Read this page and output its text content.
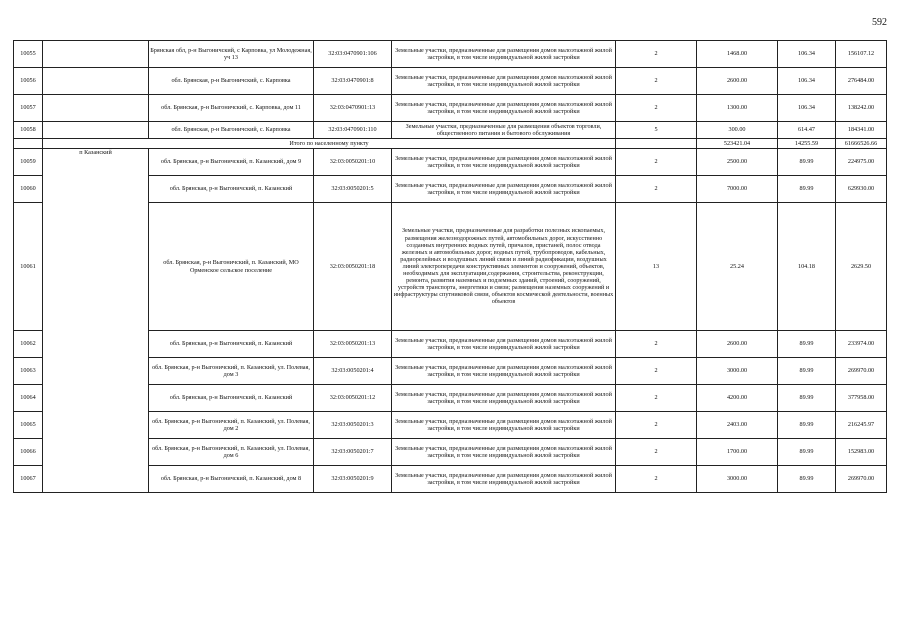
592
10055		Брянская обл, р-н Выгоничский, с Карповка, ул Молодежная, уч 13	32:03:0470901:106	Земельные участки, предназначенные для размещения домов малоэтажной жилой застройки, в том числе индивидуальной жилой застройки	2	1468.00	106.34	156107.12
10056		обл. Брянская, р-н Выгоничский, с. Карповка	32:03:0470901:8	Земельные участки, предназначенные для размещения домов малоэтажной жилой застройки, в том числе индивидуальной жилой застройки	2	2600.00	106.34	276484.00
10057		обл. Брянская, р-н Выгоничский, с. Карповка, дом 11	32:03:0470901:13	Земельные участки, предназначенные для размещения домов малоэтажной жилой застройки, в том числе индивидуальной жилой застройки	2	1300.00	106.34	138242.00
10058		обл. Брянская, р-н Выгоничский, с. Карповка	32:03:0470901:110	Земельные участки, предназначенные для размещения объектов торговли, общественного питания и бытового обслуживания	5	300.00	614.47	184341.00
	Итого по населенному пункту					523421.04	14255.59	61666526.66
10059	п Казанский	обл. Брянская, р-н Выгоничский, п. Казанский, дом 9	32:03:0050201:10	Земельные участки, предназначенные для размещения домов малоэтажной жилой застройки, в том числе индивидуальной жилой застройки	2	2500.00	89.99	224975.00
10060		обл. Брянская, р-н Выгоничский, п. Казанский	32:03:0050201:5	Земельные участки, предназначенные для размещения домов малоэтажной жилой застройки, в том числе индивидуальной жилой застройки	2	7000.00	89.99	629930.00
10061		обл. Брянская, р-н Выгоничский, п. Казанский, МО Орменское сельское поселение	32:03:0050201:18	Земельные участки, предназначенные для разработки полезных ископаемых, размещения железнодорожных путей, автомобильных дорог, искусственно созданных внутренних водных путей, причалов, пристаней, полос отвода железных и автомобильных дорог, водных путей, трубопроводов, кабельных, радиорелейных и воздушных линий связи и линий радиофикации, воздушных линий электропередачи конструктивных элементов и сооружений, объектов, необходимых для эксплуатации,содержания, строительства, реконструкции, ремонта, развития наземных и подземных зданий, строений, сооружений, устройств транспорта, энергетики и связи; размещения наземных сооружений и инфраструктуры спутниковой связи, объектов космической деятельности, военных объектов	13	25.24	104.18	2629.50
10062		обл. Брянская, р-н Выгоничский, п. Казанский	32:03:0050201:13	Земельные участки, предназначенные для размещения домов малоэтажной жилой застройки, в том числе индивидуальной жилой застройки	2	2600.00	89.99	233974.00
10063		обл. Брянская, р-н Выгоничский, п. Казанский, ул. Полевая, дом 3	32:03:0050201:4	Земельные участки, предназначенные для размещения домов малоэтажной жилой застройки, в том числе индивидуальной жилой застройки	2	3000.00	89.99	269970.00
10064		обл. Брянская, р-н Выгоничский, п. Казанский	32:03:0050201:12	Земельные участки, предназначенные для размещения домов малоэтажной жилой застройки, в том числе индивидуальной жилой застройки	2	4200.00	89.99	377958.00
10065		обл. Брянская, р-н Выгоничский, п. Казанский, ул. Полевая, дом 2	32:03:0050201:3	Земельные участки, предназначенные для размещения домов малоэтажной жилой застройки, в том числе индивидуальной жилой застройки	2	2403.00	89.99	216245.97
10066		обл. Брянская, р-н Выгоничский, п. Казанский, ул. Полевая, дом 6	32:03:0050201:7	Земельные участки, предназначенные для размещения домов малоэтажной жилой застройки, в том числе индивидуальной жилой застройки	2	1700.00	89.99	152983.00
10067		обл. Брянская, р-н Выгоничский, п. Казанский, дом 8	32:03:0050201:9	Земельные участки, предназначенные для размещения домов малоэтажной жилой застройки, в том числе индивидуальной жилой застройки	2	3000.00	89.99	269970.00
